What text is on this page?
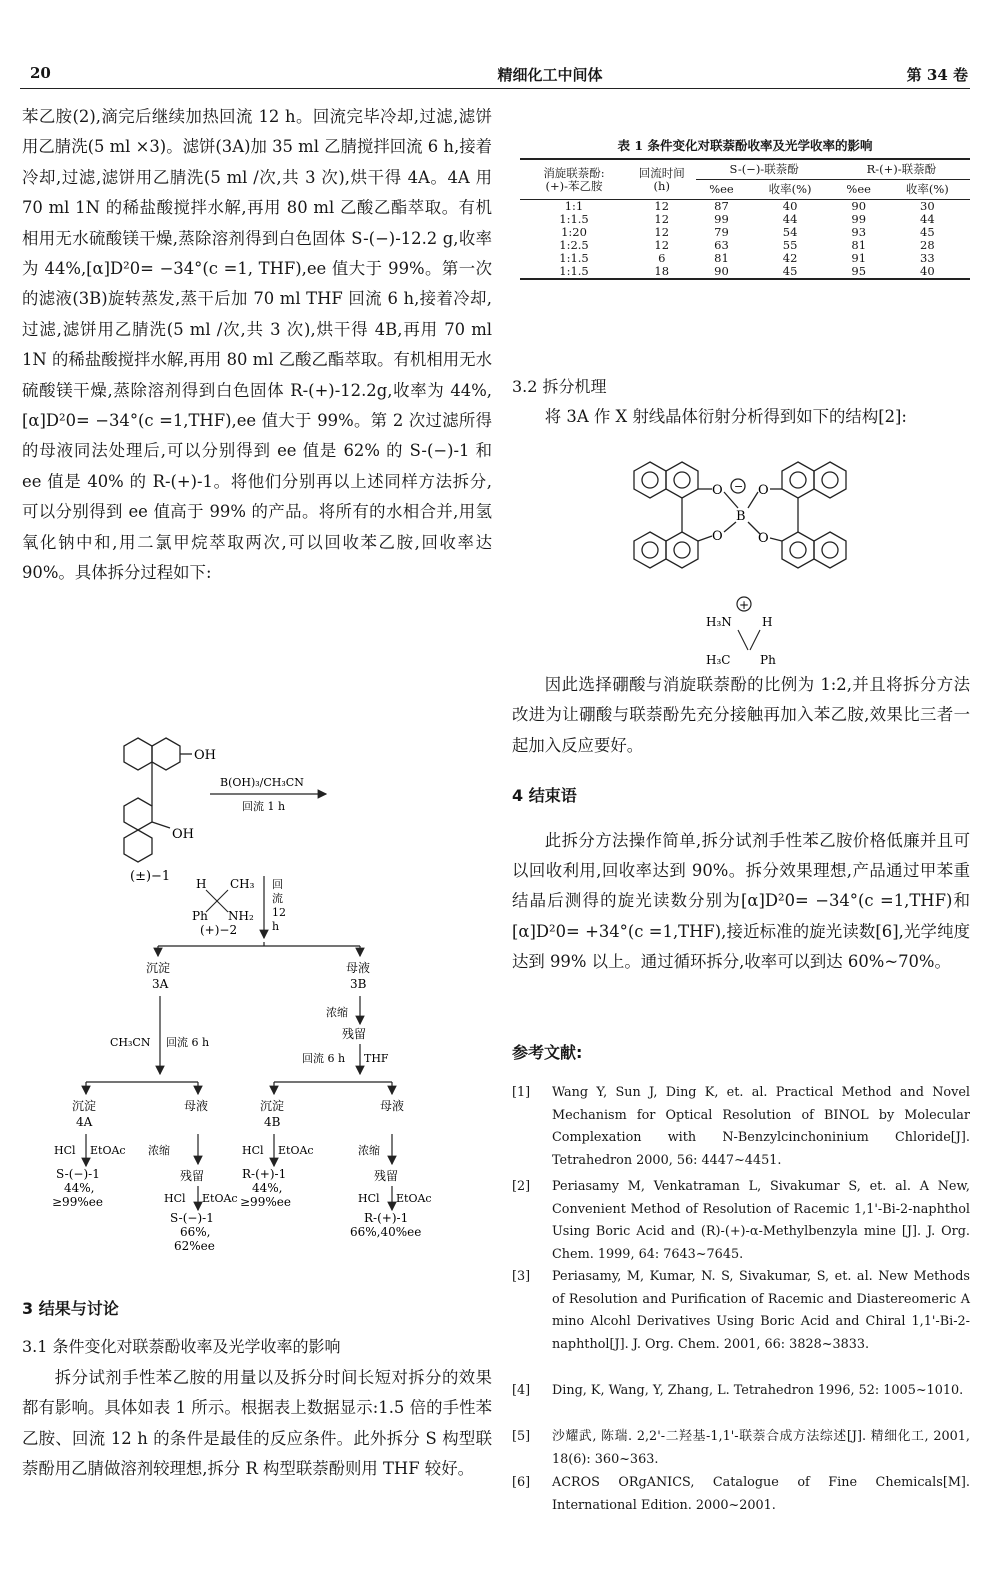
20	精细化工中间体	第 34 卷

苯乙胺(2),滴完后继续加热回流 12 h。回流完毕冷却,过滤,滤饼用乙腈洗(5 ml ×3)。滤饼(3A)加 35 ml 乙腈搅拌回流 6 h,接着冷却,过滤,滤饼用乙腈洗(5 ml /次,共 3 次),烘干得 4A。4A 用 70 ml 1N 的稀盐酸搅拌水解,再用 80 ml 乙酸乙酯萃取。有机相用无水硫酸镁干燥,蒸除溶剂得到白色固体 S-(−)-12.2 g,收率为 44%,[α]D²0= −34°(c =1, THF),ee 值大于 99%。第一次的滤液(3B)旋转蒸发,蒸干后加 70 ml THF 回流 6 h,接着冷却,过滤,滤饼用乙腈洗(5 ml /次,共 3 次),烘干得 4B,再用 70 ml 1N 的稀盐酸搅拌水解,再用 80 ml 乙酸乙酯萃取。有机相用无水硫酸镁干燥,蒸除溶剂得到白色固体 R-(+)-12.2g,收率为 44%,[α]D²0= −34°(c =1,THF),ee 值大于 99%。第 2 次过滤所得的母液同法处理后,可以分别得到 ee 值是 62% 的 S-(−)-1 和 ee 值是 40% 的 R-(+)-1。将他们分别再以上述同样方法拆分,可以分别得到 ee 值高于 99% 的产品。将所有的水相合并,用氢氧化钠中和,用二氯甲烷萃取两次,可以回收苯乙胺,回收率达 90%。具体拆分过程如下:

OH
OH
(±)−1
B(OH)₃/CH₃CN
回流 1 h
H CH₃
Ph NH₂
(+)−2
回
流
12
h
沉淀
3A
母液
3B
CH₃CN 回流 6 h
浓缩
残留
回流 6 h THF
沉淀
4A
母液	沉淀
4B
母液
HCl EtOAc
S-(−)-1
44%,
≥99%ee
浓缩
残留
HCl EtOAc
S-(−)-1
66%,
62%ee
HCl EtOAc
R-(+)-1
44%,
≥99%ee
浓缩
残留
HCl EtOAc
R-(+)-1
66%,40%ee

3 结果与讨论

3.1 条件变化对联萘酚收率及光学收率的影响

拆分试剂手性苯乙胺的用量以及拆分时间长短对拆分的效果都有影响。具体如表 1 所示。根据表上数据显示:1.5 倍的手性苯乙胺、回流 12 h 的条件是最佳的反应条件。此外拆分 S 构型联萘酚用乙腈做溶剂较理想,拆分 R 构型联萘酚则用 THF 较好。

表 1 条件变化对联萘酚收率及光学收率的影响
消旋联萘酚:
(+)-苯乙胺	回流时间
(h)	S-(−)-联萘酚		R-(+)-联萘酚	
		%ee	收率(%)	%ee	收率(%)
1:1	12	87	40	90	30
1:1.5	12	99	44	99	44
1:20	12	79	54	93	45
1:2.5	12	63	55	81	28
1:1.5	6	81	42	91	33
1:1.5	18	90	45	95	40

3.2 拆分机理

将 3A 作 X 射线晶体衍射分析得到如下的结构[2]:

O
O
O
O
−
B
+
H₃N	H
H₃C Ph

因此选择硼酸与消旋联萘酚的比例为 1:2,并且将拆分方法改进为让硼酸与联萘酚先充分接触再加入苯乙胺,效果比三者一起加入反应要好。

4 结束语

此拆分方法操作简单,拆分试剂手性苯乙胺价格低廉并且可以回收利用,回收率达到 90%。拆分效果理想,产品通过甲苯重结晶后测得的旋光读数分别为[α]D²0= −34°(c =1,THF)和[α]D²0= +34°(c =1,THF),接近标准的旋光读数[6],光学纯度达到 99% 以上。通过循环拆分,收率可以到达 60%~70%。

参考文献:
[1] Wang Y, Sun J, Ding K, et. al. Practical Method and Novel Mechanism for Optical Resolution of BINOL by Molecular Complexation with N-Benzylcinchoninium Chloride[J]. Tetrahedron 2000, 56: 4447~4451.
[2] Periasamy M, Venkatraman L, Sivakumar S, et. al. A New, Convenient Method of Resolution of Racemic 1,1'-Bi-2-naphthol Using Boric Acid and (R)-(+)-α-Methylbenzyla mine [J]. J. Org. Chem. 1999, 64: 7643~7645.
[3] Periasamy, M, Kumar, N. S, Sivakumar, S, et. al. New Methods of Resolution and Purification of Racemic and Diastereomeric A mino Alcohl Derivatives Using Boric Acid and Chiral 1,1'-Bi-2-naphthol[J]. J. Org. Chem. 2001, 66: 3828~3833.
[4] Ding, K, Wang, Y, Zhang, L. Tetrahedron 1996, 52: 1005~1010.
[5] 沙耀武, 陈瑞. 2,2'-二羟基-1,1'-联萘合成方法综述[J]. 精细化工, 2001, 18(6): 360~363.
[6] ACROS ORgANICS, Catalogue of Fine Chemicals[M]. International Edition. 2000~2001.
